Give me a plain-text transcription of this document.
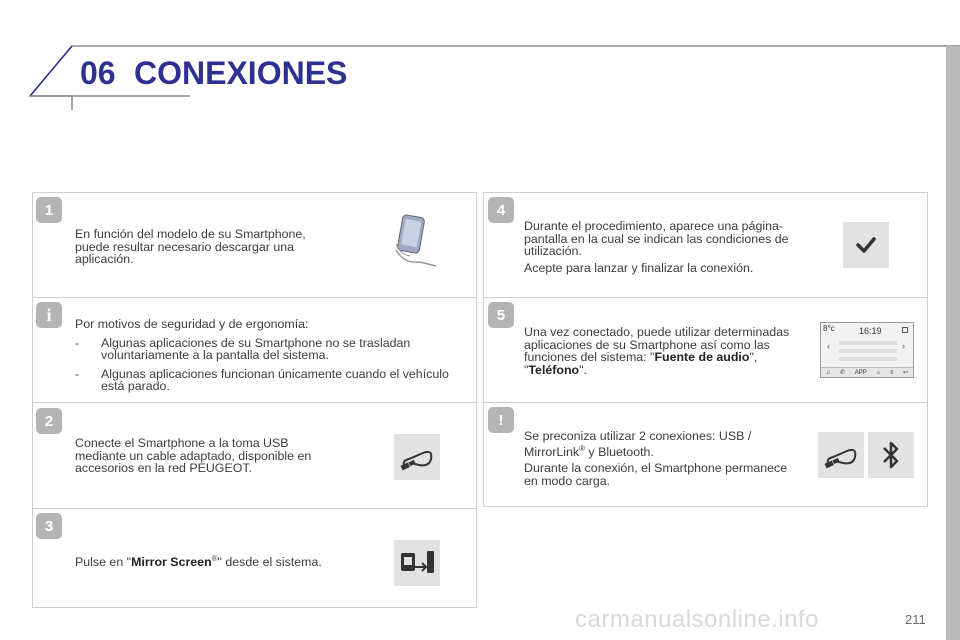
06 CONEXIONES
1
En función del modelo de su Smartphone, puede resultar necesario descargar una aplicación.
i	Por motivos de seguridad y de ergonomía:
-	Algunas aplicaciones de su Smartphone no se trasladan voluntariamente a la pantalla del sistema.
-	Algunas aplicaciones funcionan únicamente cuando el vehículo está parado.
2
Conecte el Smartphone a la toma USB mediante un cable adaptado, disponible en accesorios en la red PEUGEOT.
3
Pulse en "Mirror Screen®" desde el sistema.
4
Durante el procedimiento, aparece una página-pantalla en la cual se indican las condiciones de utilización.
Acepte para lanzar y finalizar la conexión.
5
Una vez conectado, puede utilizar determinadas aplicaciones de su Smartphone así como las funciones del sistema: "Fuente de audio", "Teléfono".
8°c	16:19
‹	›
♫ ✆ APP ⌂ ≡ ↩
!
Se preconiza utilizar 2 conexiones: USB / MirrorLink® y Bluetooth.
Durante la conexión, el Smartphone permanece en modo carga.
carmanualsonline.info	211
